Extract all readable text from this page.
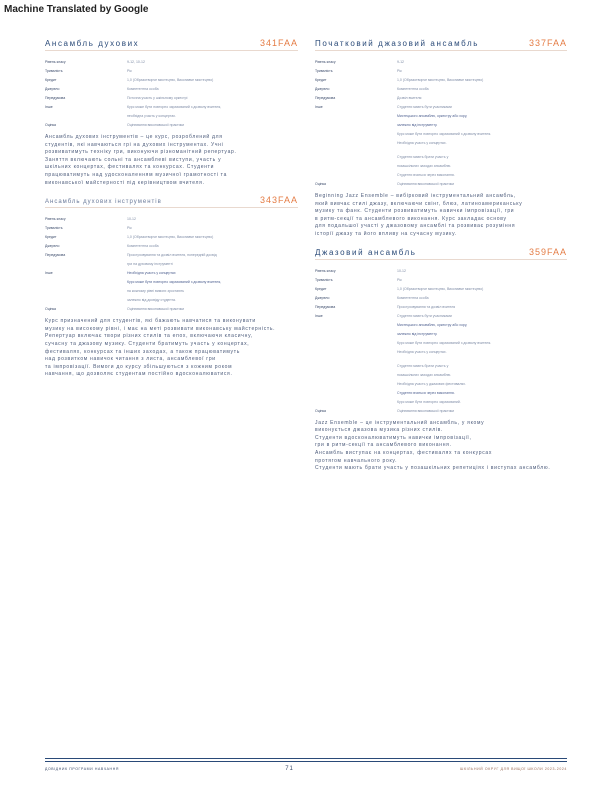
Machine Translated by Google
Ансамбль духових	341FAA
Рівень класу	9-12, 10-12
Тривалість	Рік
Кредит	1,0 (Образотворче мистецтво, Виконавче мистецтво)
Джерело	Компетентна особа
Передумова	Поточна участь у шкільному оркестрі
Інше	Курс може бути повторно зарахований з дозволу вчителя,
необхідна участь у концертах.
Оцінка	Оцінювання виконавської практики
Ансамбль духових інструментів – це курс, розроблений для
студентів, які навчаються грі на духових інструментах. Учні
розвиватимуть техніку гри, виконуючи різноманітний репертуар.
Заняття включають сольні та ансамблеві виступи, участь у
шкільних концертах, фестивалях та конкурсах. Студенти
працюватимуть над удосконаленням музичної грамотності та
виконавської майстерності під керівництвом вчителя.
Ансамбль духових інструментів	343FAA
Рівень класу	10-12
Тривалість	Рік
Кредит	1,0 (Образотворче мистецтво, Виконавче мистецтво)
Джерело	Компетентна особа
Передумова	Прослуховування та дозвіл вчителя, попередній досвід
гри на духовому інструменті
Інше	Необхідна участь у концертах
Курс може бути повторно зарахований з дозволу вчителя,
на кожному рівні вимоги зростають
залежно від досвіду студента.
Оцінка	Оцінювання виконавської практики
Курс призначений для студентів, які бажають навчатися та виконувати
музику на високому рівні, і має на меті розвивати виконавську майстерність.
Репертуар включає твори різних стилів та епох, включаючи класичну,
сучасну та джазову музику. Студенти братимуть участь у концертах,
фестивалях, конкурсах та інших заходах, а також працюватимуть
над розвитком навичок читання з листа, ансамблевої гри
та імпровізації. Вимоги до курсу збільшуються з кожним роком
навчання, що дозволяє студентам постійно вдосконалюватися.
Початковий джазовий ансамбль	337FAA
Рівень класу	9-12
Тривалість	Рік
Кредит	1,0 (Образотворче мистецтво, Виконавче мистецтво)
Джерело	Компетентна особа
Передумова	Дозвіл вчителя
Інше	Студенти мають бути учасниками
Мистецького ансамблю, оркестру або хору,
залежно від інструменту.
Курс може бути повторно зарахований з дозволу вчителя.
Необхідна участь у концертах.
Студенти мають брати участь у
позашкільних заходах ансамблю.
Студенти вчаться через виконання.
Оцінка	Оцінювання виконавської практики
Beginning Jazz Ensemble – вибірковий інструментальний ансамбль,
який вивчає стилі джазу, включаючи свінг, блюз, латиноамериканську
музику та фанк. Студенти розвиватимуть навички імпровізації, гри
в ритм-секції та ансамблевого виконання. Курс закладає основу
для подальшої участі у джазовому ансамблі та розвиває розуміння
історії джазу та його впливу на сучасну музику.
Джазовий ансамбль	359FAA
Рівень класу	10-12
Тривалість	Рік
Кредит	1,0 (Образотворче мистецтво, Виконавче мистецтво)
Джерело	Компетентна особа
Передумова	Прослуховування та дозвіл вчителя
Інше	Студенти мають бути учасниками
Мистецького ансамблю, оркестру або хору,
залежно від інструменту.
Курс може бути повторно зарахований з дозволу вчителя.
Необхідна участь у концертах.
Студенти мають брати участь у
позашкільних заходах ансамблю.
Необхідна участь у джазових фестивалях.
Студенти вчаться через виконання.
Курс може бути повторно зарахований.
Оцінка	Оцінювання виконавської практики
Jazz Ensemble – це інструментальний ансамбль, у якому
виконується джазова музика різних стилів.
Студенти вдосконалюватимуть навички імпровізації,
гри в ритм-секції та ансамблевого виконання.
Ансамбль виступає на концертах, фестивалях та конкурсах
протягом навчального року.
Студенти мають брати участь у позашкільних репетиціях і виступах ансамблю.
ДОВІДНИК ПРОГРАМИ НАВЧАННЯ	71	ШКІЛЬНИЙ ОКРУГ ДЛЯ ВИЩОЇ ШКОЛИ 2023-2024
